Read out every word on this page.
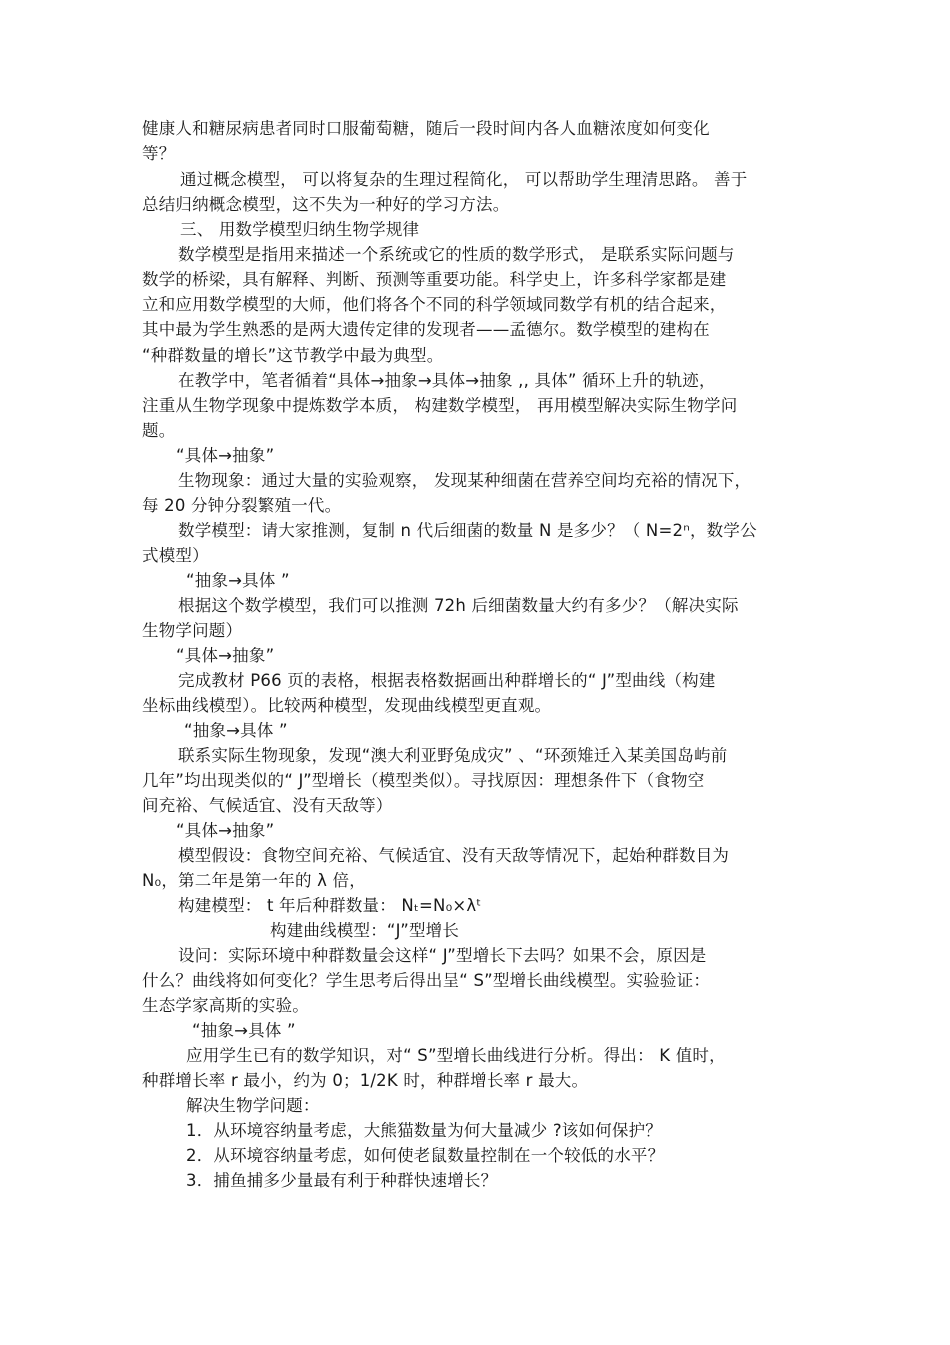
健康人和糖尿病患者同时口服葡萄糖，随后一段时间内各人血糖浓度如何变化
等？
通过概念模型， 可以将复杂的生理过程简化， 可以帮助学生理清思路。 善于
总结归纳概念模型，这不失为一种好的学习方法。
三、 用数学模型归纳生物学规律
数学模型是指用来描述一个系统或它的性质的数学形式， 是联系实际问题与
数学的桥梁，具有解释、判断、预测等重要功能。科学史上，许多科学家都是建
立和应用数学模型的大师，他们将各个不同的科学领域同数学有机的结合起来，
其中最为学生熟悉的是两大遗传定律的发现者——孟德尔。数学模型的建构在
“种群数量的增长”这节教学中最为典型。
在教学中，笔者循着“具体→抽象→具体→抽象 ,, 具体” 循环上升的轨迹，
注重从生物学现象中提炼数学本质， 构建数学模型， 再用模型解决实际生物学问
题。
“具体→抽象”
生物现象：通过大量的实验观察， 发现某种细菌在营养空间均充裕的情况下，
每 20 分钟分裂繁殖一代。
数学模型：请大家推测，复制 n 代后细菌的数量 N 是多少？（ N=2ⁿ，数学公
式模型）
“抽象→具体 ”
根据这个数学模型，我们可以推测 72h 后细菌数量大约有多少？（解决实际
生物学问题）
“具体→抽象”
完成教材 P66 页的表格，根据表格数据画出种群增长的“ J”型曲线（构建
坐标曲线模型）。比较两种模型，发现曲线模型更直观。
“抽象→具体 ”
联系实际生物现象，发现“澳大利亚野兔成灾” 、“环颈雉迁入某美国岛屿前
几年”均出现类似的“ J”型增长（模型类似）。寻找原因：理想条件下（食物空
间充裕、气候适宜、没有天敌等）
“具体→抽象”
模型假设：食物空间充裕、气候适宜、没有天敌等情况下，起始种群数目为
N₀，第二年是第一年的 λ 倍，
构建模型： t 年后种群数量： Nₜ=N₀×λᵗ
构建曲线模型：“J”型增长
设问：实际环境中种群数量会这样“ J”型增长下去吗？如果不会，原因是
什么？曲线将如何变化？学生思考后得出呈“ S”型增长曲线模型。实验验证：
生态学家高斯的实验。
“抽象→具体 ”
应用学生已有的数学知识，对“ S”型增长曲线进行分析。得出： K 值时，
种群增长率 r 最小，约为 0；1/2K 时，种群增长率 r 最大。
解决生物学问题：
1．从环境容纳量考虑，大熊猫数量为何大量减少 ?该如何保护？
2．从环境容纳量考虑，如何使老鼠数量控制在一个较低的水平？
3．捕鱼捕多少量最有利于种群快速增长？
